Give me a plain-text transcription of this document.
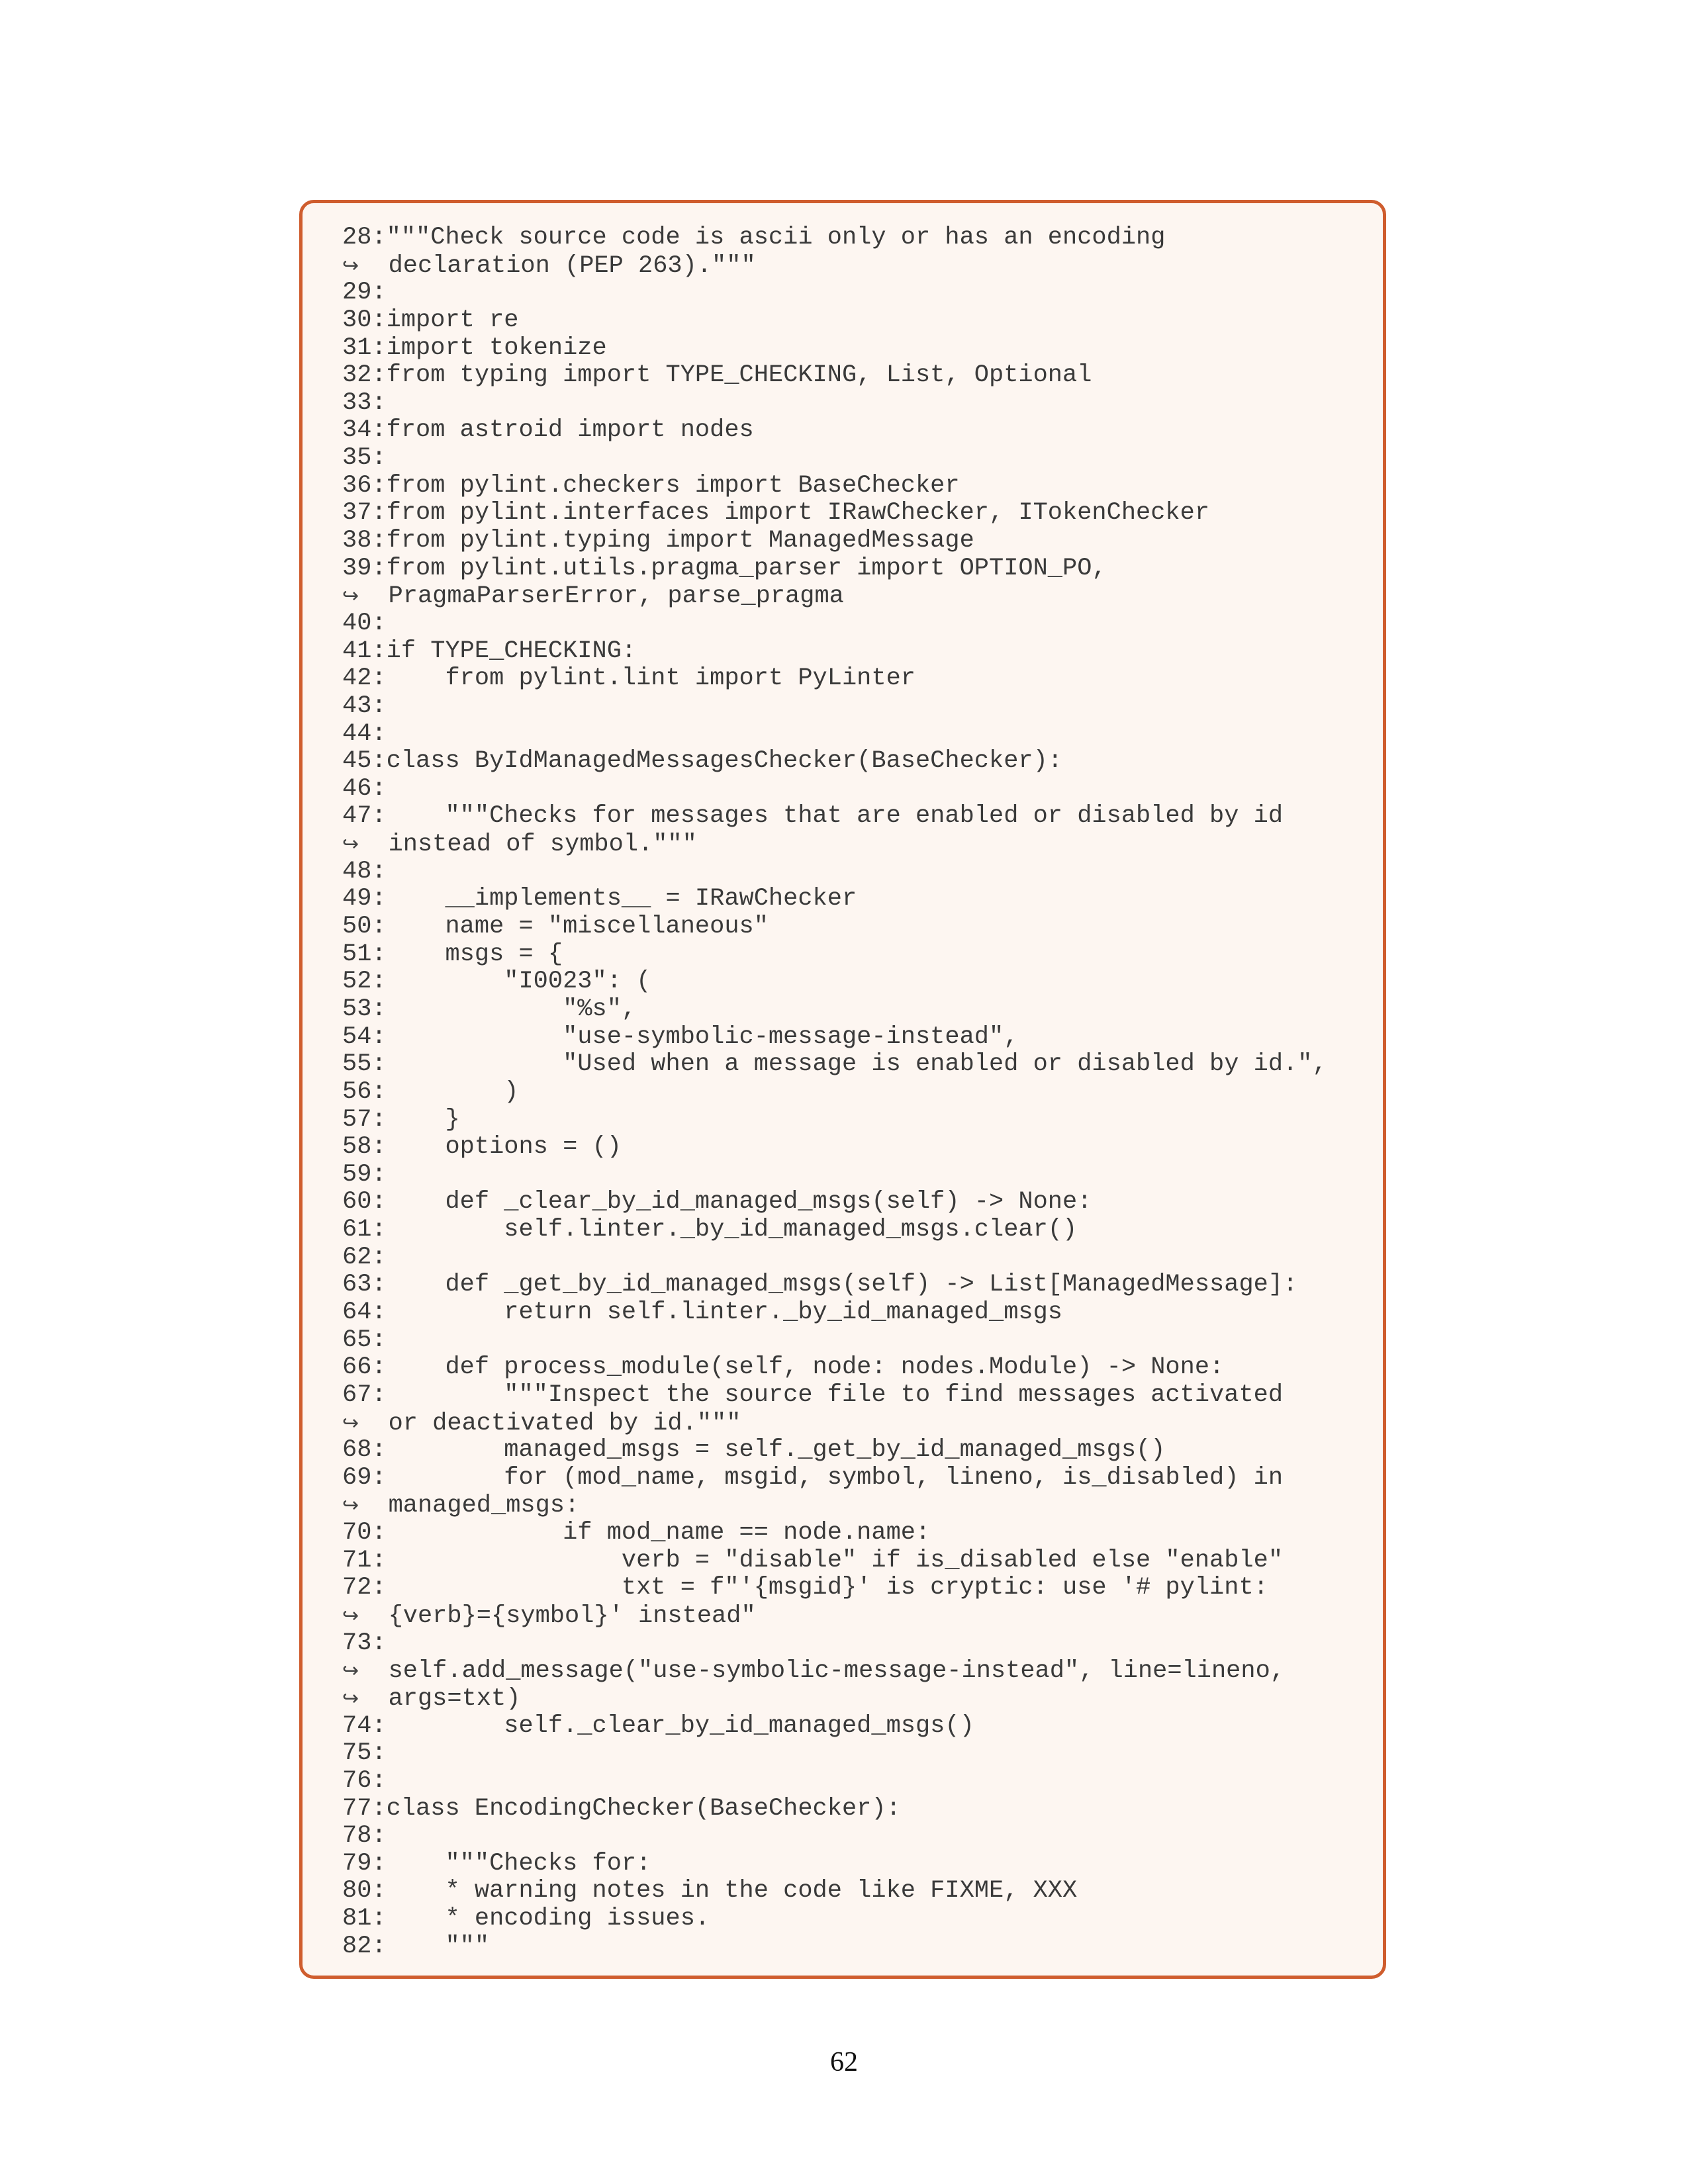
28:"""Check source code is ascii only or has an encoding
↪ declaration (PEP 263)."""
29:
30:import re
31:import tokenize
32:from typing import TYPE_CHECKING, List, Optional
33:
34:from astroid import nodes
35:
36:from pylint.checkers import BaseChecker
37:from pylint.interfaces import IRawChecker, ITokenChecker
38:from pylint.typing import ManagedMessage
39:from pylint.utils.pragma_parser import OPTION_PO,
↪ PragmaParserError, parse_pragma
40:
41:if TYPE_CHECKING:
42:    from pylint.lint import PyLinter
43:
44:
45:class ByIdManagedMessagesChecker(BaseChecker):
46:
47:    """Checks for messages that are enabled or disabled by id
↪ instead of symbol."""
48:
49:    __implements__ = IRawChecker
50:    name = "miscellaneous"
51:    msgs = {
52:        "I0023": (
53:            "%s",
54:            "use-symbolic-message-instead",
55:            "Used when a message is enabled or disabled by id.",
56:        )
57:    }
58:    options = ()
59:
60:    def _clear_by_id_managed_msgs(self) -> None:
61:        self.linter._by_id_managed_msgs.clear()
62:
63:    def _get_by_id_managed_msgs(self) -> List[ManagedMessage]:
64:        return self.linter._by_id_managed_msgs
65:
66:    def process_module(self, node: nodes.Module) -> None:
67:        """Inspect the source file to find messages activated
↪ or deactivated by id."""
68:        managed_msgs = self._get_by_id_managed_msgs()
69:        for (mod_name, msgid, symbol, lineno, is_disabled) in
↪ managed_msgs:
70:            if mod_name == node.name:
71:                verb = "disable" if is_disabled else "enable"
72:                txt = f"'{msgid}' is cryptic: use '# pylint:
↪ {verb}={symbol}' instead"
73:
↪ self.add_message("use-symbolic-message-instead", line=lineno,
↪ args=txt)
74:        self._clear_by_id_managed_msgs()
75:
76:
77:class EncodingChecker(BaseChecker):
78:
79:    """Checks for:
80:    * warning notes in the code like FIXME, XXX
81:    * encoding issues.
82:    """
62
